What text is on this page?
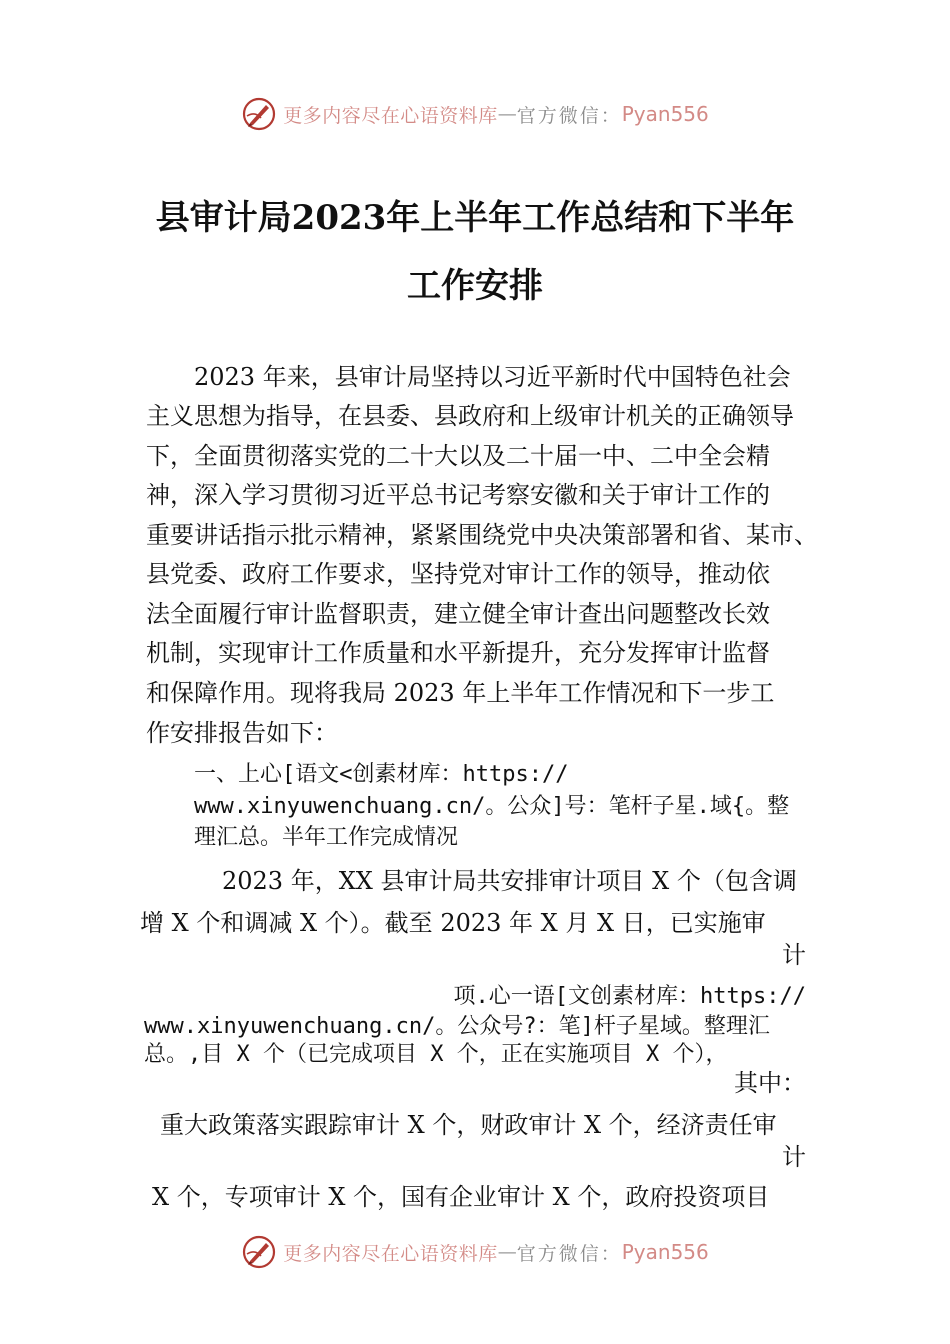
更多内容尽在心语资料库 — 官方微信： Pyan556
县审计局2023年上半年工作总结和下半年
工作安排
2023 年来，县审计局坚持以习近平新时代中国特色社会
主义思想为指导，在县委、县政府和上级审计机关的正确领导
下，全面贯彻落实党的二十大以及二十届一中、二中全会精
神，深入学习贯彻习近平总书记考察安徽和关于审计工作的
重要讲话指示批示精神，紧紧围绕党中央决策部署和省、某市、
县党委、政府工作要求，坚持党对审计工作的领导，推动依
法全面履行审计监督职责，建立健全审计查出问题整改长效
机制，实现审计工作质量和水平新提升，充分发挥审计监督
和保障作用。现将我局 2023 年上半年工作情况和下一步工
作安排报告如下：
一、上心[语文<创素材库：https://
www.xinyuwenchuang.cn/。公众]号：笔杆子星.域{。整
理汇总。半年工作完成情况
2023 年，XX 县审计局共安排审计项目 X 个（包含调
增 X 个和调减 X 个）。截至 2023 年 X 月 X 日，已实施审
计
项.心一语[文创素材库：https://
www.xinyuwenchuang.cn/。公众号?：笔]杆子星域。整理汇
总。,目 X 个（已完成项目 X 个，正在实施项目 X 个），
其中：
重大政策落实跟踪审计 X 个，财政审计 X 个，经济责任审
计
X 个，专项审计 X 个，国有企业审计 X 个，政府投资项目
更多内容尽在心语资料库 — 官方微信： Pyan556
